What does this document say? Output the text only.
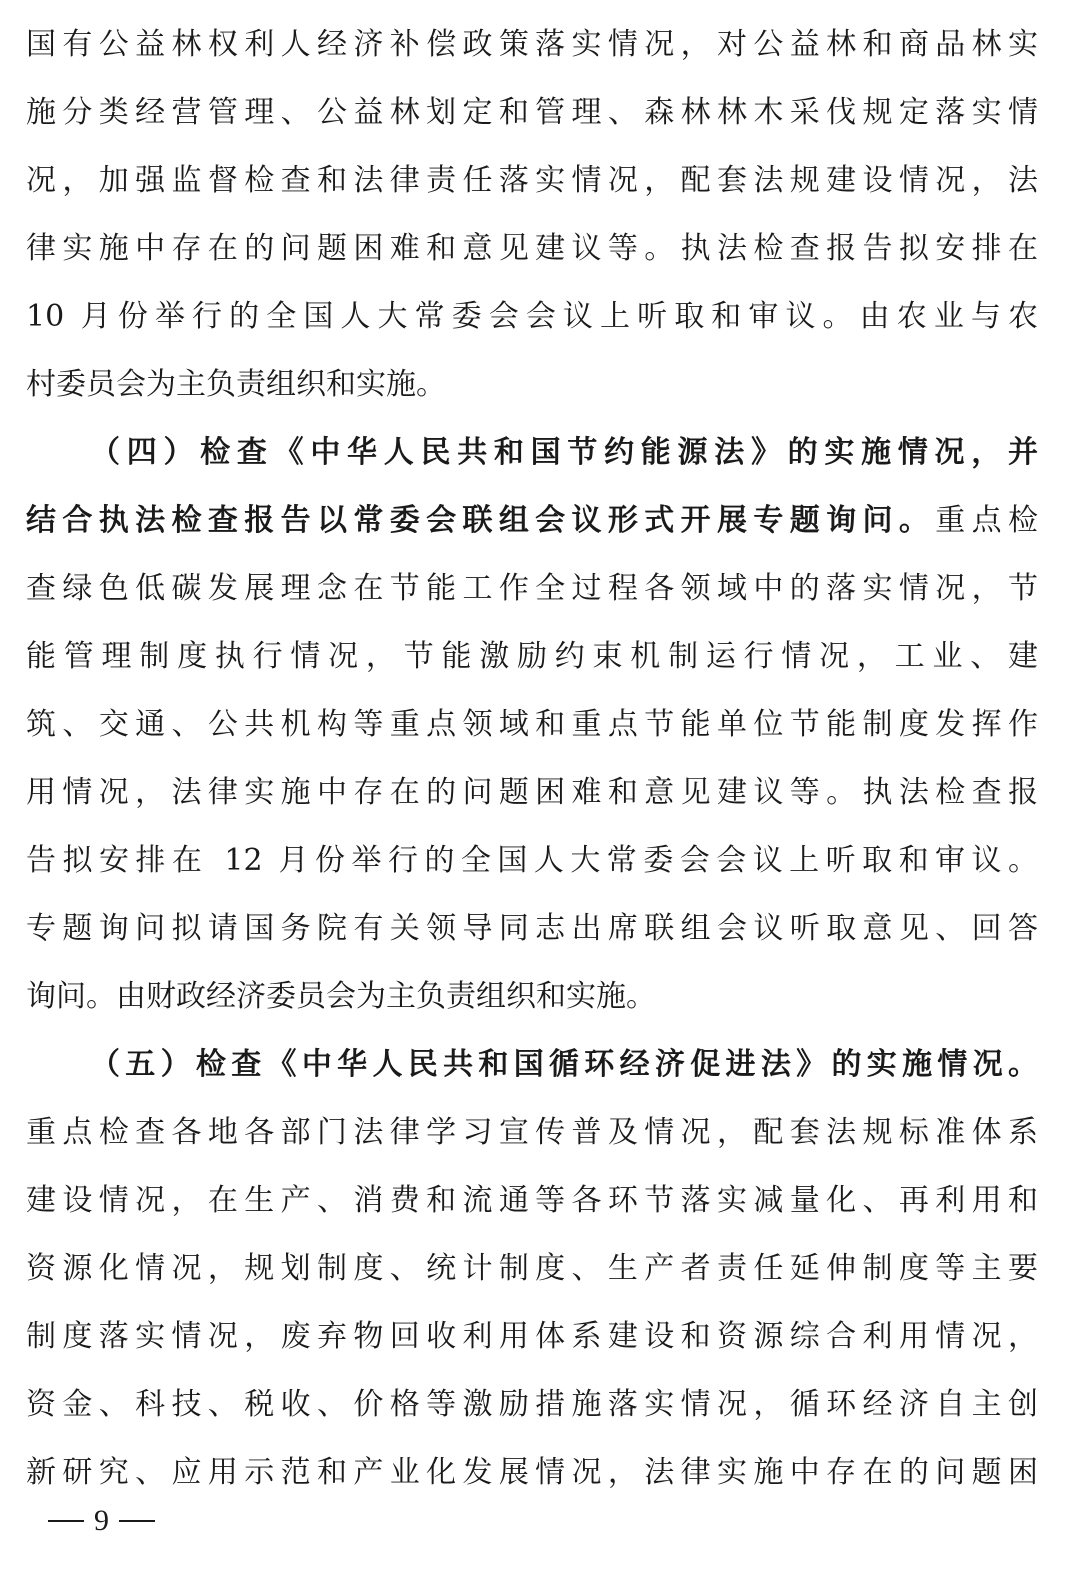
国有公益林权利人经济补偿政策落实情况，对公益林和商品林实
施分类经营管理、公益林划定和管理、森林林木采伐规定落实情
况，加强监督检查和法律责任落实情况，配套法规建设情况，法
律实施中存在的问题困难和意见建议等。执法检查报告拟安排在
10 月份举行的全国人大常委会会议上听取和审议。由农业与农
村委员会为主负责组织和实施。
（四）检查《中华人民共和国节约能源法》的实施情况，并
结合执法检查报告以常委会联组会议形式开展专题询问。重点检
查绿色低碳发展理念在节能工作全过程各领域中的落实情况，节
能管理制度执行情况，节能激励约束机制运行情况，工业、建
筑、交通、公共机构等重点领域和重点节能单位节能制度发挥作
用情况，法律实施中存在的问题困难和意见建议等。执法检查报
告拟安排在 12 月份举行的全国人大常委会会议上听取和审议。
专题询问拟请国务院有关领导同志出席联组会议听取意见、回答
询问。由财政经济委员会为主负责组织和实施。
（五）检查《中华人民共和国循环经济促进法》的实施情况。
重点检查各地各部门法律学习宣传普及情况，配套法规标准体系
建设情况，在生产、消费和流通等各环节落实减量化、再利用和
资源化情况，规划制度、统计制度、生产者责任延伸制度等主要
制度落实情况，废弃物回收利用体系建设和资源综合利用情况，
资金、科技、税收、价格等激励措施落实情况，循环经济自主创
新研究、应用示范和产业化发展情况，法律实施中存在的问题困
9
